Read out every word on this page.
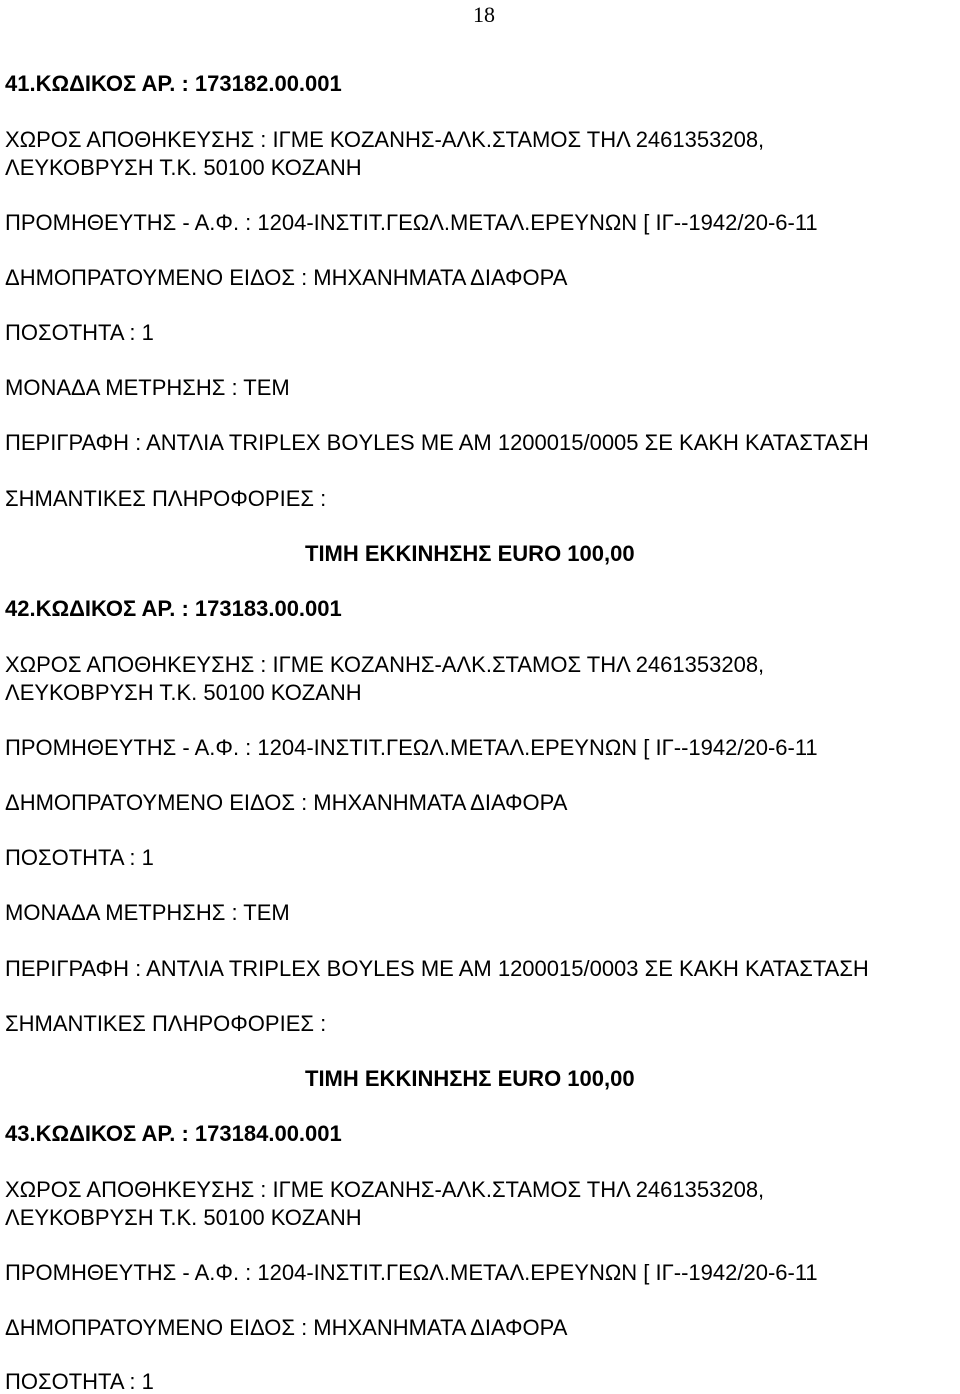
18
41.ΚΩΔΙΚΟΣ ΑΡ. : 173182.00.001
ΧΩΡΟΣ ΑΠΟΘΗΚΕΥΣΗΣ : ΙΓΜΕ ΚΟΖΑΝΗΣ-ΑΛΚ.ΣΤΑΜΟΣ ΤΗΛ 2461353208,
ΛΕΥΚΟΒΡΥΣΗ Τ.Κ. 50100 ΚΟΖΑΝΗ
ΠΡΟΜΗΘΕΥΤΗΣ - Α.Φ. : 1204-ΙΝΣΤΙΤ.ΓΕΩΛ.ΜΕΤΑΛ.ΕΡΕΥΝΩΝ [ ΙΓ--1942/20-6-11
ΔΗΜΟΠΡΑΤΟΥΜΕΝΟ ΕΙΔΟΣ : ΜΗΧΑΝΗΜΑΤΑ ΔΙΑΦΟΡΑ
ΠΟΣΟΤΗΤΑ : 1
ΜΟΝΑΔΑ ΜΕΤΡΗΣΗΣ : ΤΕΜ
ΠΕΡΙΓΡΑΦΗ : ΑΝΤΛΙΑ TRIPLEX BOYLES ΜΕ ΑΜ 1200015/0005 ΣΕ ΚΑΚΗ ΚΑΤΑΣΤΑΣΗ
ΣΗΜΑΝΤΙΚΕΣ ΠΛΗΡΟΦΟΡΙΕΣ :
ΤΙΜΗ ΕΚΚΙΝΗΣΗΣ EURO 100,00
42.ΚΩΔΙΚΟΣ ΑΡ. : 173183.00.001
ΧΩΡΟΣ ΑΠΟΘΗΚΕΥΣΗΣ : ΙΓΜΕ ΚΟΖΑΝΗΣ-ΑΛΚ.ΣΤΑΜΟΣ ΤΗΛ 2461353208,
ΛΕΥΚΟΒΡΥΣΗ Τ.Κ. 50100 ΚΟΖΑΝΗ
ΠΡΟΜΗΘΕΥΤΗΣ - Α.Φ. : 1204-ΙΝΣΤΙΤ.ΓΕΩΛ.ΜΕΤΑΛ.ΕΡΕΥΝΩΝ [ ΙΓ--1942/20-6-11
ΔΗΜΟΠΡΑΤΟΥΜΕΝΟ ΕΙΔΟΣ : ΜΗΧΑΝΗΜΑΤΑ ΔΙΑΦΟΡΑ
ΠΟΣΟΤΗΤΑ : 1
ΜΟΝΑΔΑ ΜΕΤΡΗΣΗΣ : ΤΕΜ
ΠΕΡΙΓΡΑΦΗ : ΑΝΤΛΙΑ TRIPLEX BOYLES ΜΕ ΑΜ 1200015/0003 ΣΕ ΚΑΚΗ ΚΑΤΑΣΤΑΣΗ
ΣΗΜΑΝΤΙΚΕΣ ΠΛΗΡΟΦΟΡΙΕΣ :
ΤΙΜΗ ΕΚΚΙΝΗΣΗΣ EURO 100,00
43.ΚΩΔΙΚΟΣ ΑΡ. : 173184.00.001
ΧΩΡΟΣ ΑΠΟΘΗΚΕΥΣΗΣ : ΙΓΜΕ ΚΟΖΑΝΗΣ-ΑΛΚ.ΣΤΑΜΟΣ ΤΗΛ 2461353208,
ΛΕΥΚΟΒΡΥΣΗ Τ.Κ. 50100 ΚΟΖΑΝΗ
ΠΡΟΜΗΘΕΥΤΗΣ - Α.Φ. : 1204-ΙΝΣΤΙΤ.ΓΕΩΛ.ΜΕΤΑΛ.ΕΡΕΥΝΩΝ [ ΙΓ--1942/20-6-11
ΔΗΜΟΠΡΑΤΟΥΜΕΝΟ ΕΙΔΟΣ : ΜΗΧΑΝΗΜΑΤΑ ΔΙΑΦΟΡΑ
ΠΟΣΟΤΗΤΑ : 1
